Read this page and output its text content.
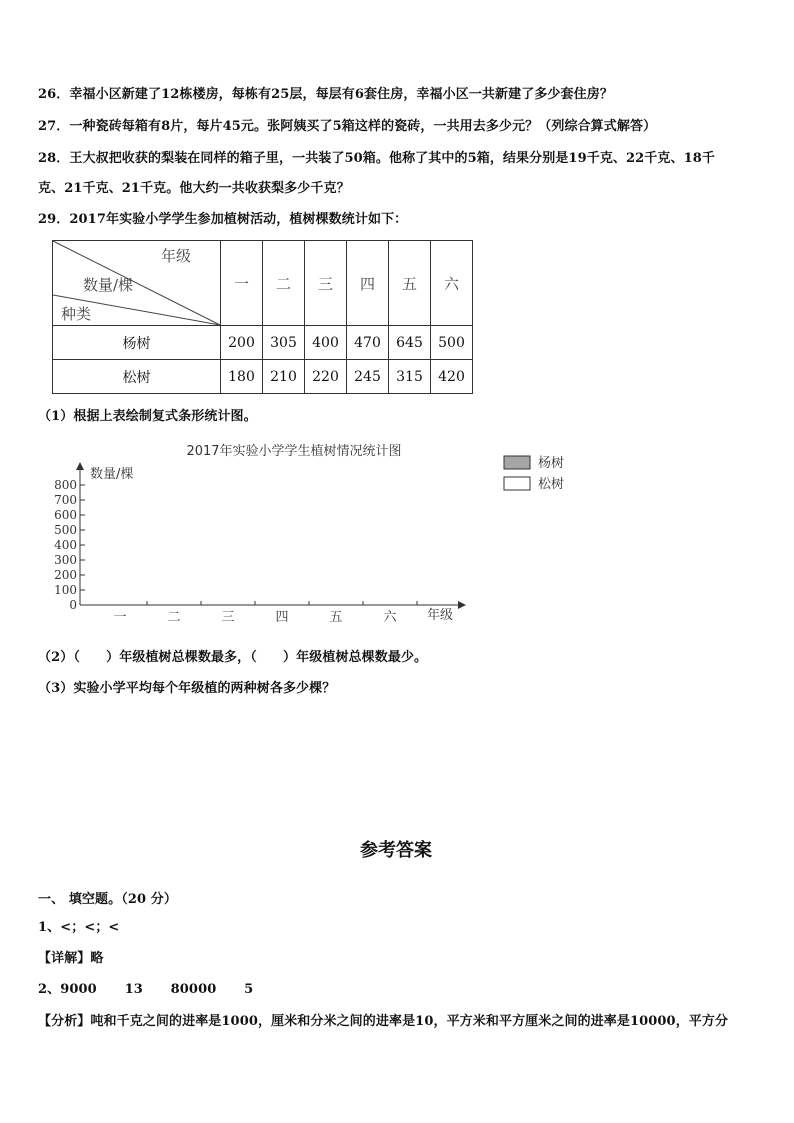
26．幸福小区新建了12栋楼房，每栋有25层，每层有6套住房，幸福小区一共新建了多少套住房？
27．一种瓷砖每箱有8片，每片45元。张阿姨买了5箱这样的瓷砖，一共用去多少元？（列综合算式解答）
28．王大叔把收获的梨装在同样的箱子里，一共装了50箱。他称了其中的5箱，结果分别是19千克、22千克、18千
克、21千克、21千克。他大约一共收获梨多少千克？
29．2017年实验小学学生参加植树活动，植树棵数统计如下：
年级
数量/棵
种类	一	二	三	四	五	六
杨树	200	305	400	470	645	500
松树	180	210	220	245	315	420
（1）根据上表绘制复式条形统计图。
2017年实验小学学生植树情况统计图
数量/棵
年级
0
100
200
300
400
500
600
700
800
一	二	三	四	五	六
杨树
松树
（2）（　　）年级植树总棵数最多，（　　）年级植树总棵数最少。
（3）实验小学平均每个年级植的两种树各多少棵？
参考答案
一、 填空题。（20 分）
1、<；<；<
【详解】略
2、9000      13      80000      5
【分析】吨和千克之间的进率是1000，厘米和分米之间的进率是10，平方米和平方厘米之间的进率是10000，平方分
